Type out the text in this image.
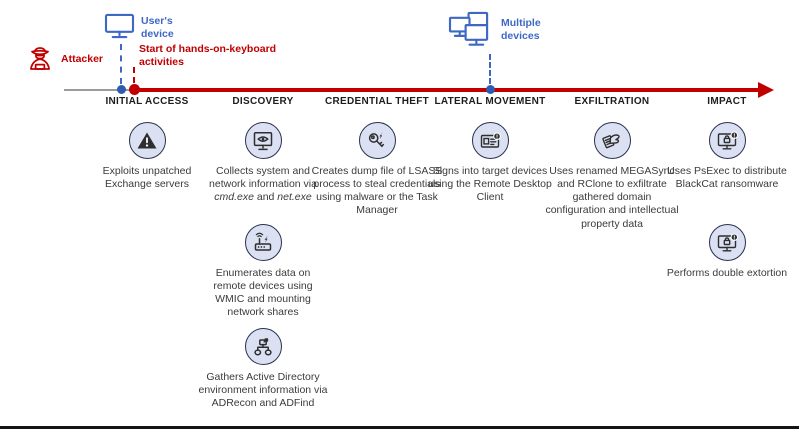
Attacker
User's device
Start of hands-on-keyboard activities
Multiple devices
INITIAL ACCESS
Exploits unpatched Exchange servers
DISCOVERY
Collects system and network information via cmd.exe and net.exe
Enumerates data on remote devices using WMIC and mounting network shares
Gathers Active Directory environment information via ADRecon and ADFind
CREDENTIAL THEFT
Creates dump file of LSASS process to steal credentials using malware or the Task Manager
LATERAL MOVEMENT
Signs into target devices using the Remote Desktop Client
EXFILTRATION
Uses renamed MEGASync and RClone to exfiltrate gathered domain configuration and intellectual property data
IMPACT
Uses PsExec to distribute BlackCat ransomware
Performs double extortion
